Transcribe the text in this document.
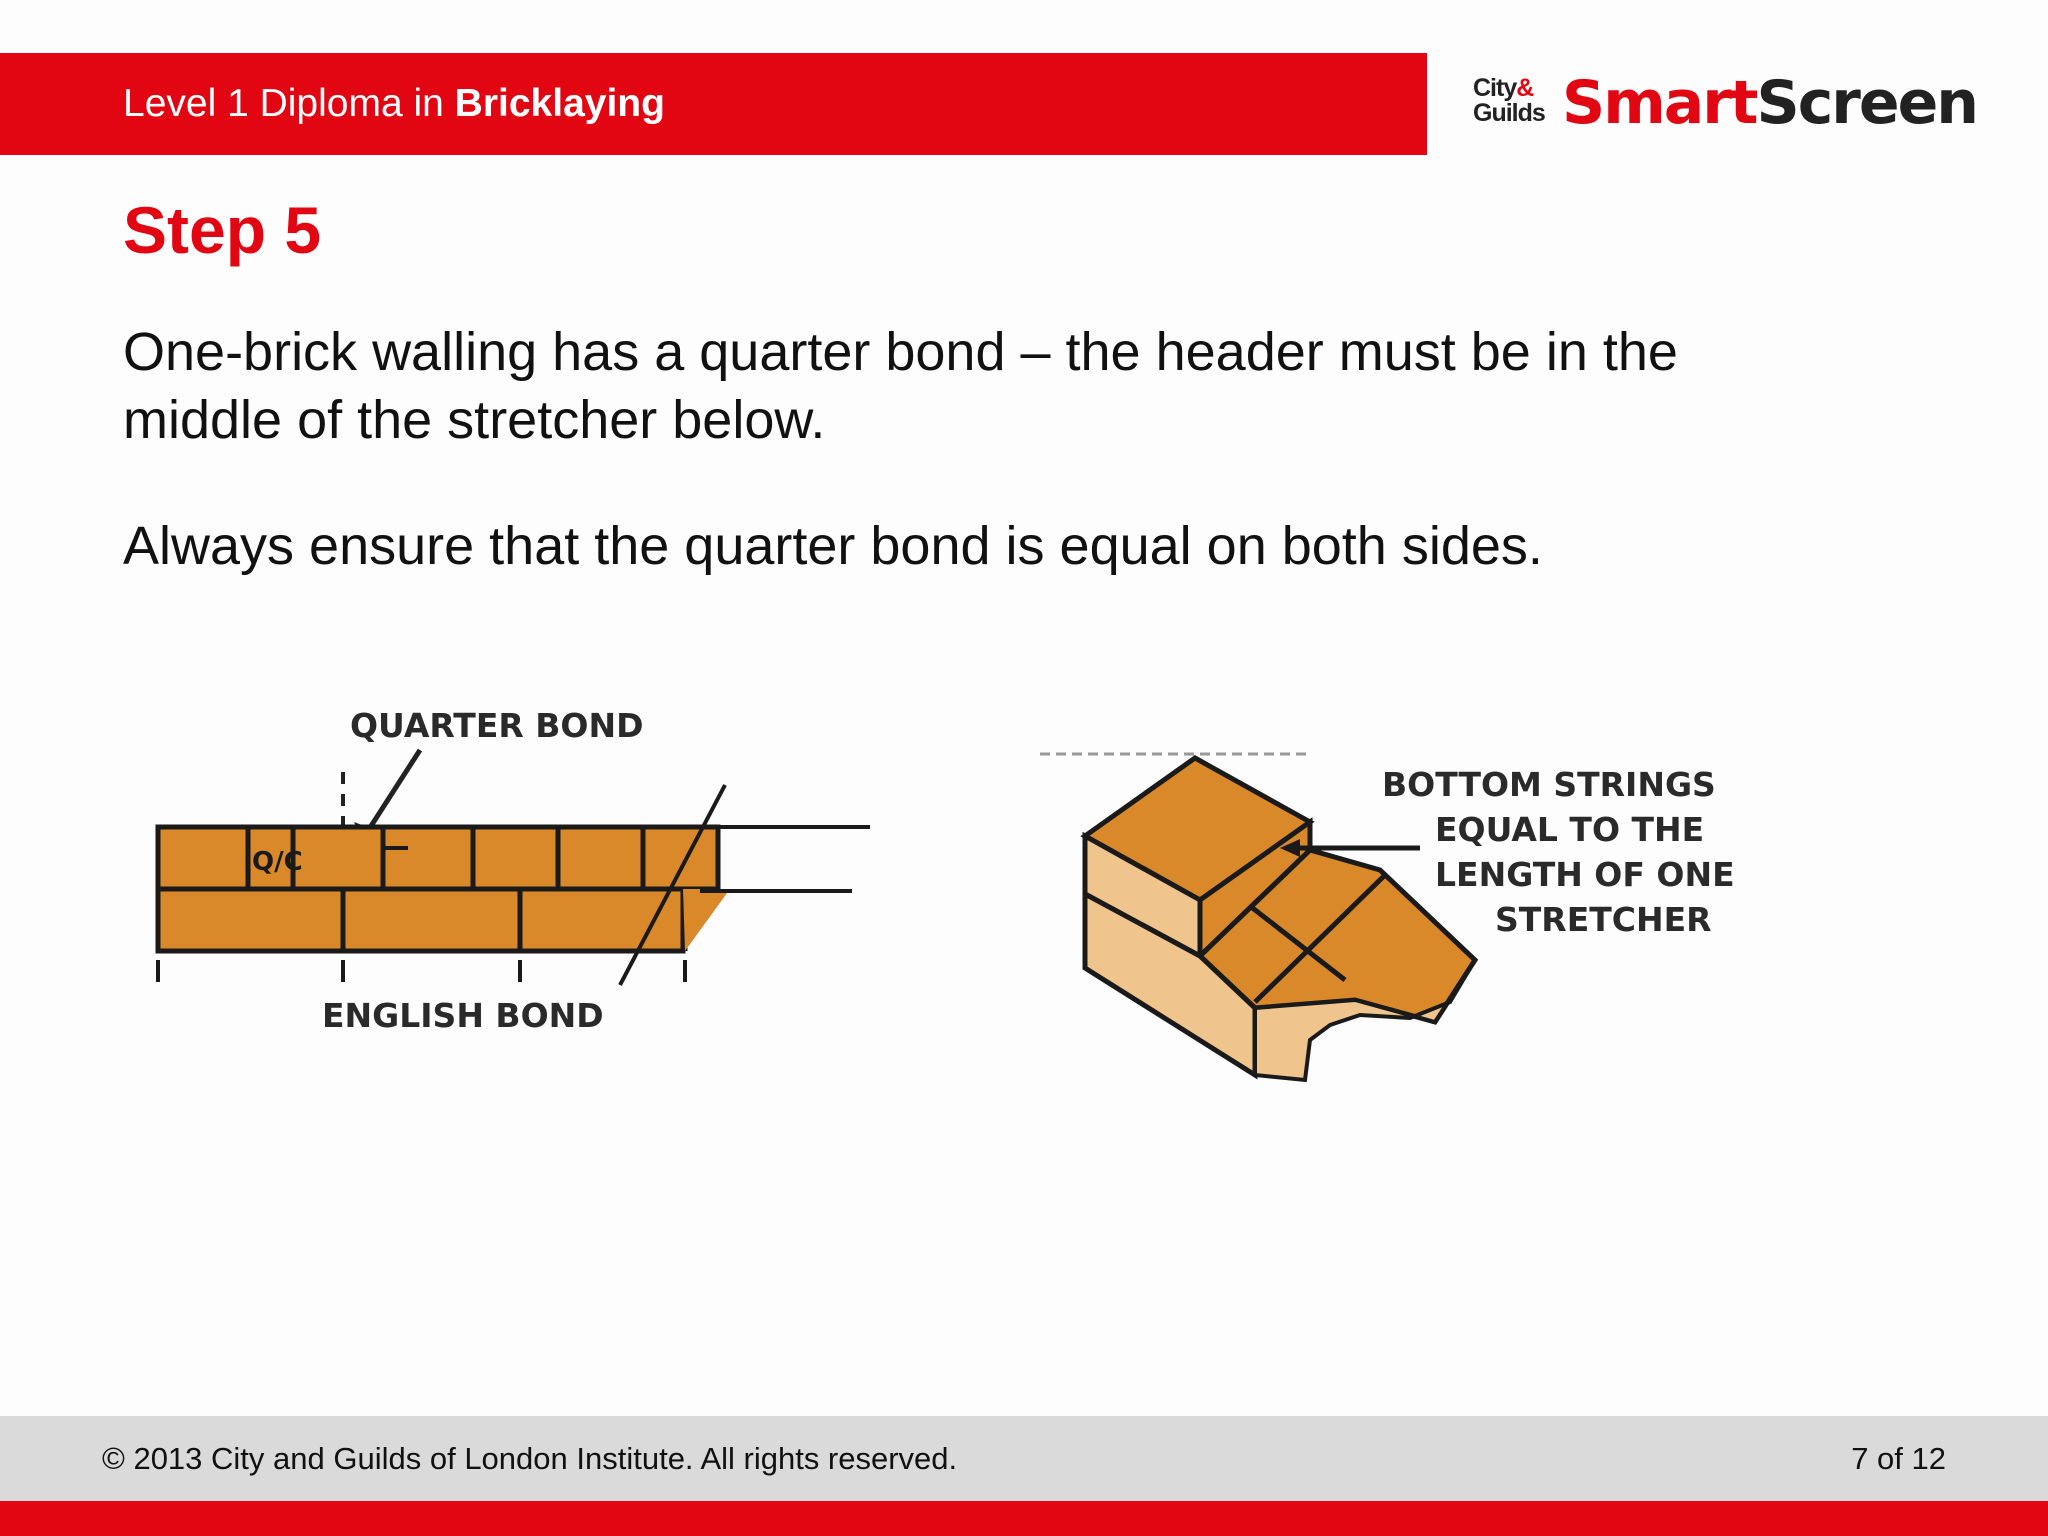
Level 1 Diploma in Bricklaying	City&
Guilds SmartScreen
Step 5

One-brick walling has a quarter bond – the header must be in the middle of the stretcher below.

Always ensure that the quarter bond is equal on both sides.

QUARTER BOND
Q/C
ENGLISH BOND
BOTTOM STRINGS
EQUAL TO THE
LENGTH OF ONE
STRETCHER
© 2013 City and Guilds of London Institute. All rights reserved.	7 of 12
